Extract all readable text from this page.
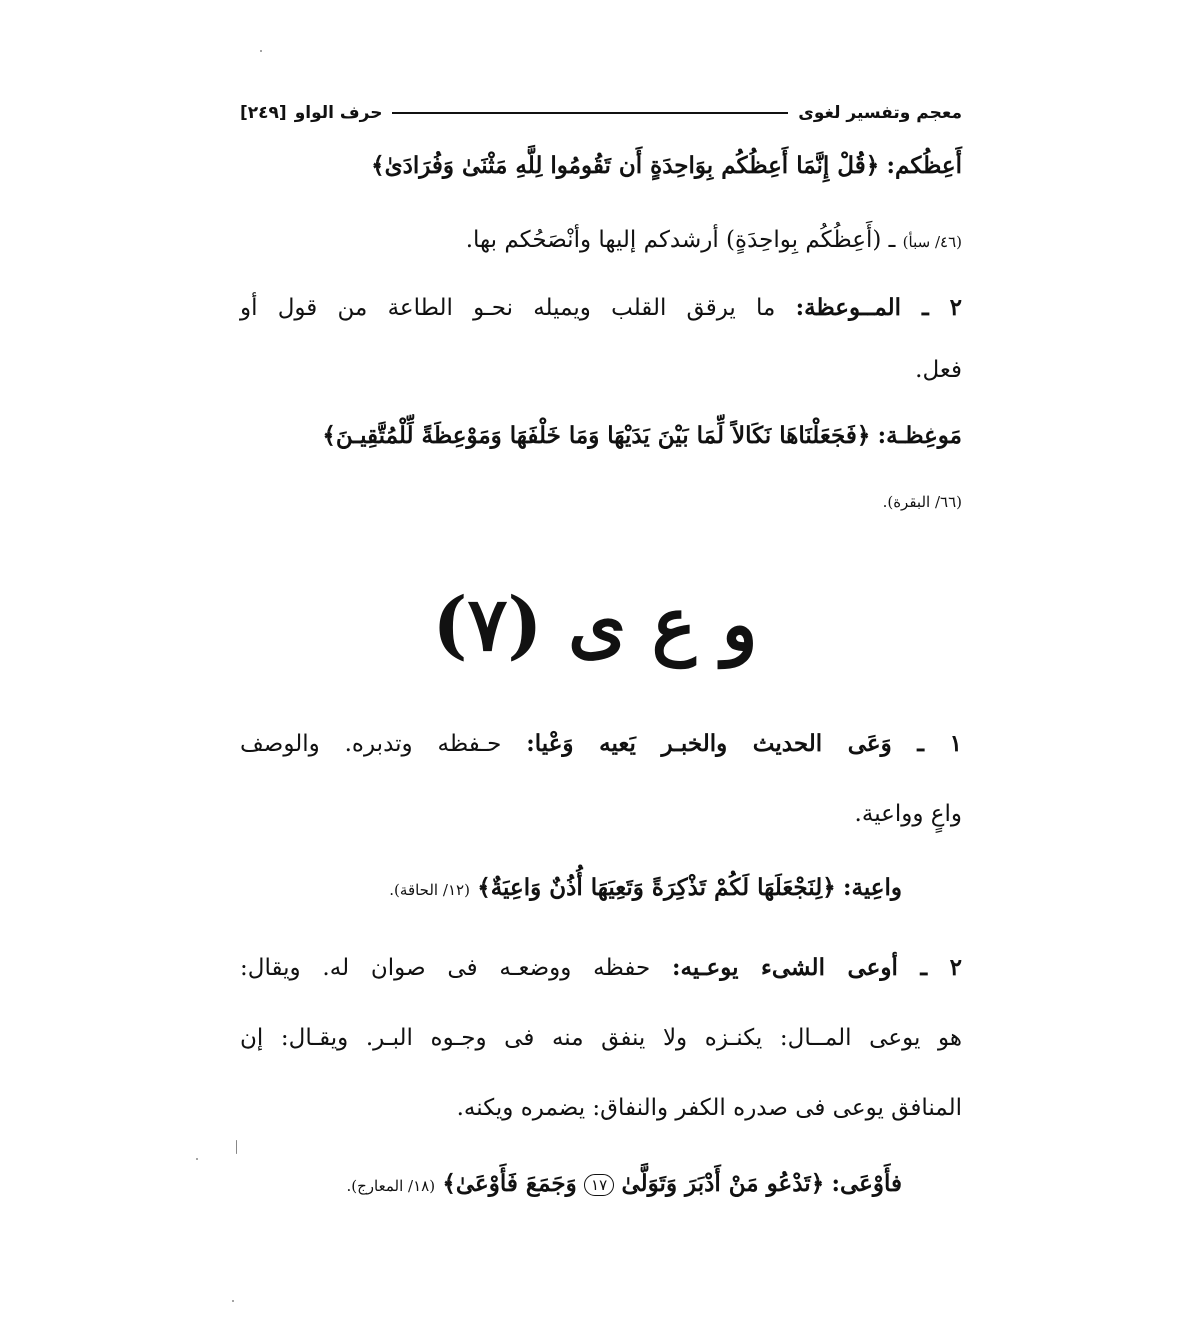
معجم وتفسير لغوى
حرف الواو
[٢٤٩]
أَعِظُكم: ﴿قُلْ إِنَّمَا أَعِظُكُم بِوَاحِدَةٍ أَن تَقُومُوا لِلَّهِ مَثْنَىٰ وَفُرَادَىٰ﴾
(٤٦/ سبأ) ـ (أَعِظُكُم بِواحِدَةٍ) أرشدكم إليها وأنْصَحُكم بها.
٢ ـ المــوعظة: ما يرقق القلب ويميله نحـو الطاعة من قول أو
فعل.
مَوعِظـة: ﴿فَجَعَلْنَاهَا نَكَالاً لِّمَا بَيْنَ يَدَيْهَا وَمَا خَلْفَهَا وَمَوْعِظَةً لِّلْمُتَّقِيـنَ﴾
(٦٦/ البقرة).
و ع ى (٧)
١ ـ وَعَى الحديث والخبـر يَعيه وَعْيا: حـفظه وتدبره. والوصف
واعٍ وواعية.
واعِية: ﴿لِنَجْعَلَهَا لَكُمْ تَذْكِرَةً وَتَعِيَهَا أُذُنٌ وَاعِيَةٌ﴾ (١٢/ الحاقة).
٢ ـ أوعى الشىء يوعـيه: حفظه ووضعـه فى صوان له. ويقال:
هو يوعى المــال: يكنـزه ولا ينفق منه فى وجـوه البـر. ويقـال: إن
المنافق يوعى فى صدره الكفر والنفاق: يضمره ويكنه.
فأَوْعَى: ﴿تَدْعُو مَنْ أَدْبَرَ وَتَوَلَّىٰ ١٧ وَجَمَعَ فَأَوْعَىٰ﴾ (١٨/ المعارج).
